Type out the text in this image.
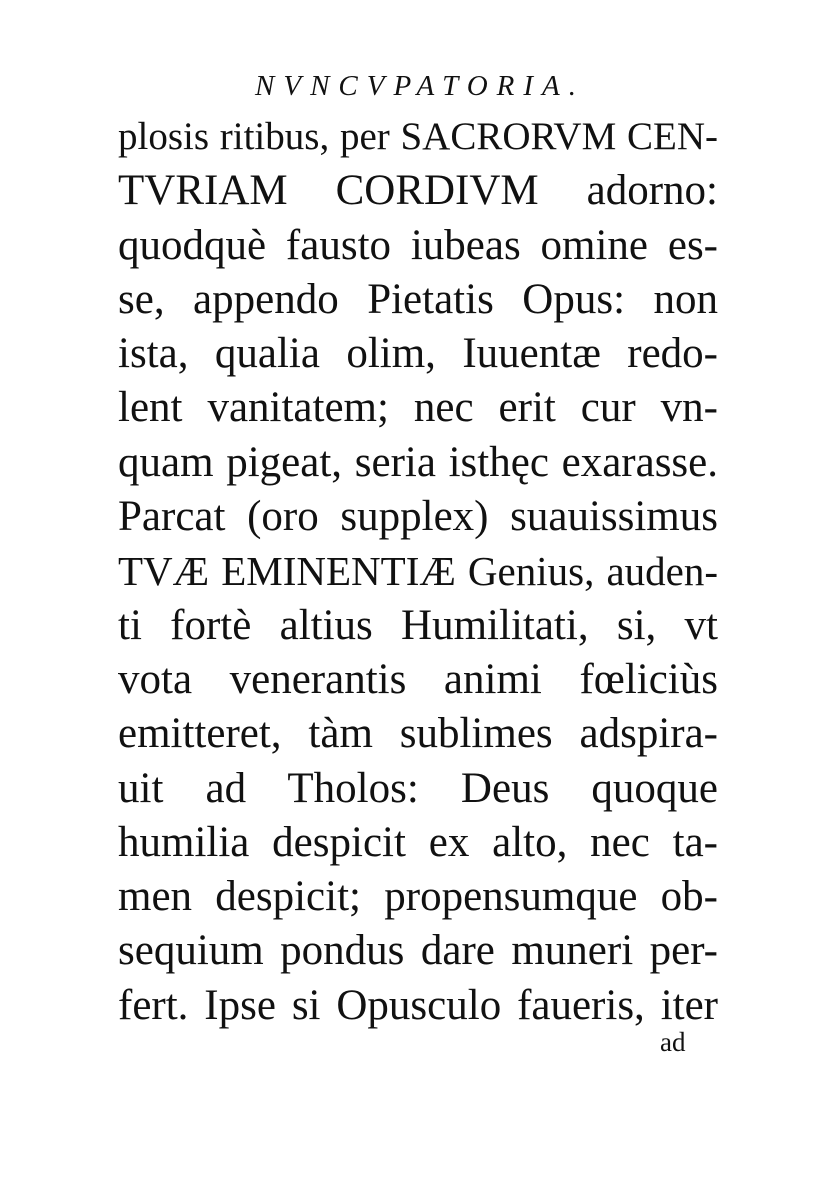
NVNCVPATORIA.
plosis ritibus, per SACRORVM CEN-
TVRIAM CORDIVM adorno:
quodquè fausto iubeas omine es-
se, appendo Pietatis Opus: non
ista, qualia olim, Iuuentæ redo-
lent vanitatem; nec erit cur vn-
quam pigeat, seria isthęc exarasse.
Parcat (oro supplex) suauissimus
TVÆ EMINENTIÆ Genius, auden-
ti fortè altius Humilitati, si, vt
vota venerantis animi fœliciùs
emitteret, tàm sublimes adspira-
uit ad Tholos: Deus quoque
humilia despicit ex alto, nec ta-
men despicit; propensumque ob-
sequium pondus dare muneri per-
fert. Ipse si Opusculo faueris, iter
ad
